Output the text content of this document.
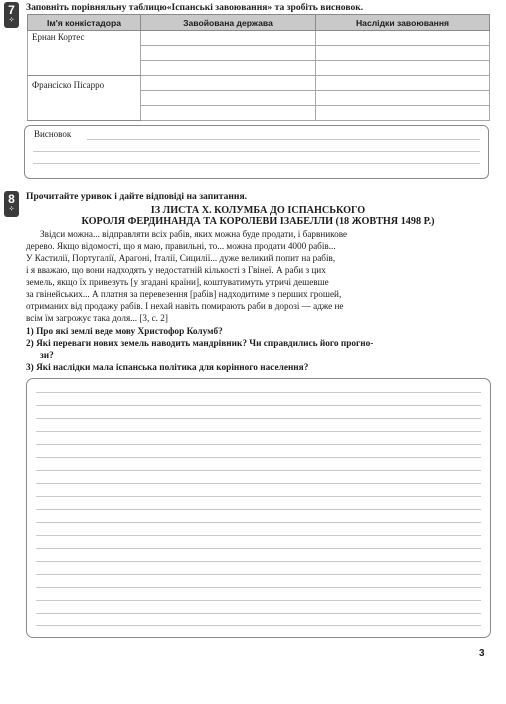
7
⁘
Заповніть порівняльну таблицю«Іспанські завоювання» та зробіть висновок.
Ім'я конкістадора	Завойована держава	Наслідки завоювання
Ернан Кортес		

Франсіско Пісарро		

Висновок
8
⁘
Прочитайте уривок і дайте відповіді на запитання.
ІЗ ЛИСТА Х. КОЛУМБА ДО ІСПАНСЬКОГО
КОРОЛЯ ФЕРДИНАНДА ТА КОРОЛЕВИ ІЗАБЕЛЛИ (18 ЖОВТНЯ 1498 Р.)
Звідси можна... відправляти всіх рабів, яких можна буде продати, і барвникове
дерево. Якщо відомості, що я маю, правильні, то... можна продати 4000 рабів...
У Кастилії, Португалії, Арагоні, Італії, Сицилії... дуже великий попит на рабів,
і я вважаю, що вони надходять у недостатній кількості з Гвінеї. А раби з цих
земель, якщо їх привезуть [у згадані країни], коштуватимуть утричі дешевше
за гвінейських... А платня за перевезення [рабів] надходитиме з перших грошей,
отриманих від продажу рабів. І нехай навіть помирають раби в дорозі — адже не
всім їм загрожує така доля... [3, с. 2]
1) Про які землі веде мову Христофор Колумб?
2) Які переваги нових земель наводить мандрівник? Чи справдились його прогно-
зи?
3) Які наслідки мала іспанська політика для корінного населення?
3
